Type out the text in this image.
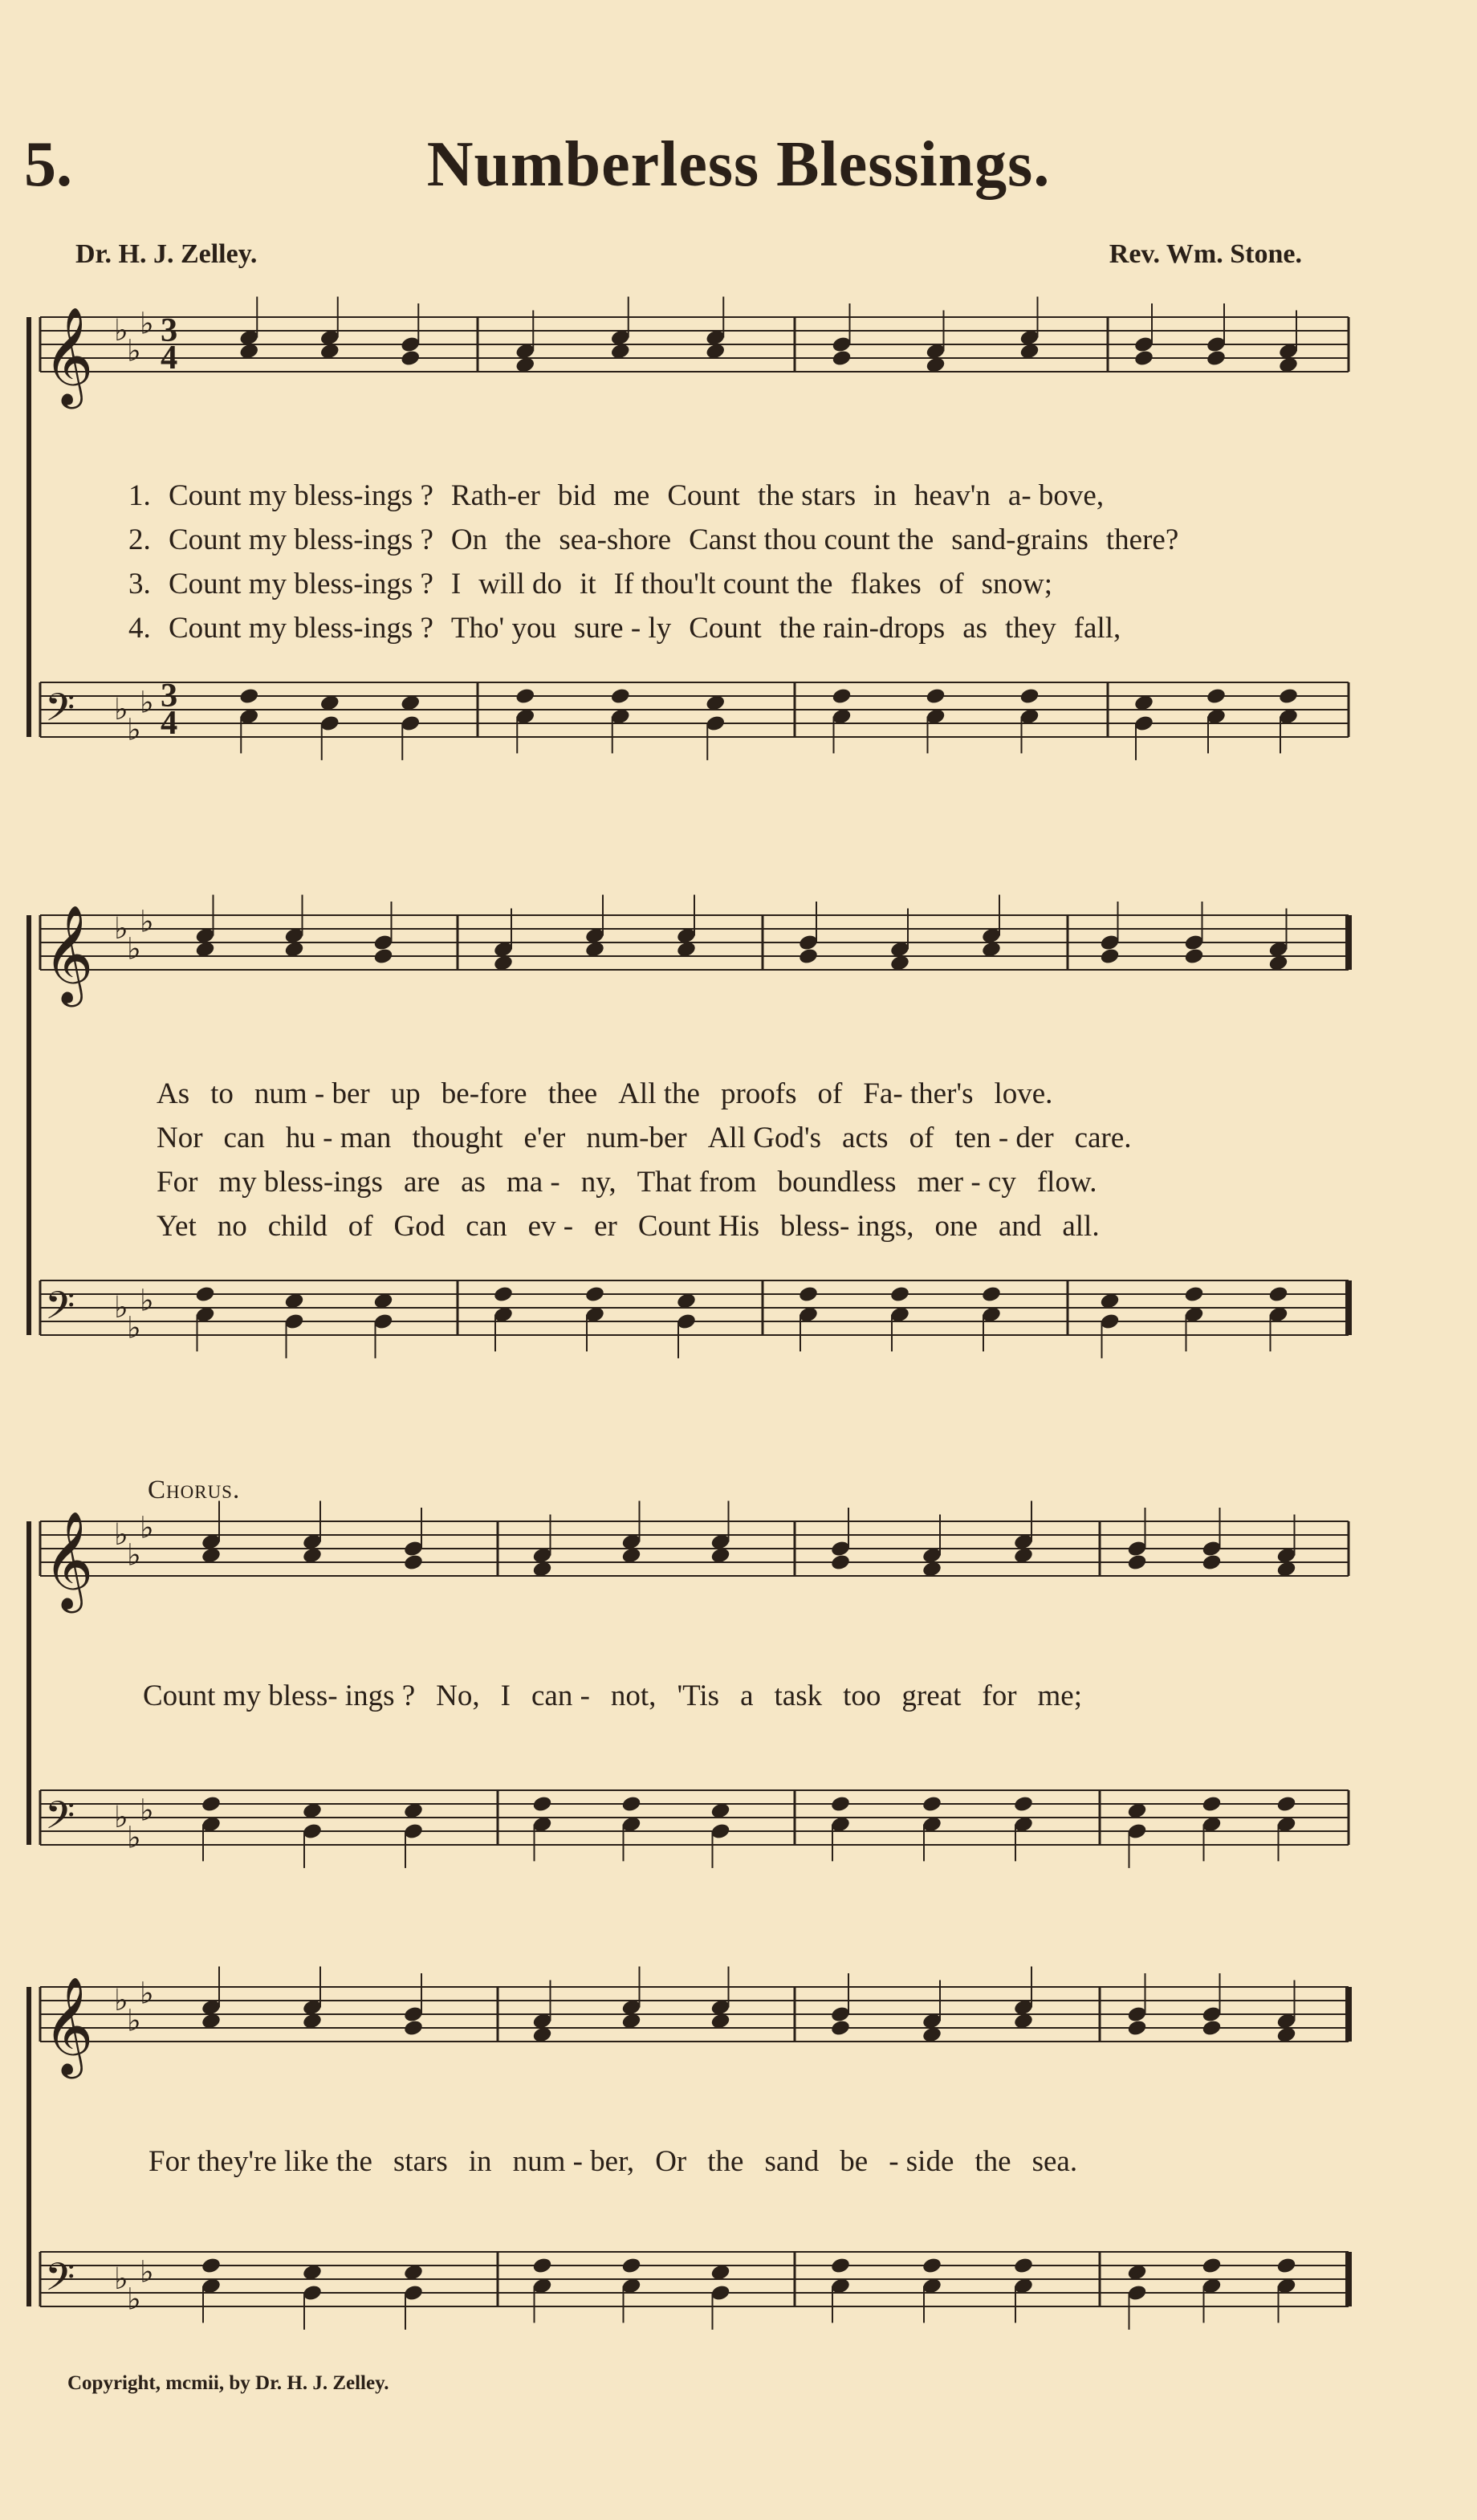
5.	Numberless Blessings.
Dr. H. J. Zelley.	Rev. Wm. Stone.
𝄞
𝄢
♭
♭
♭
♭
♭
♭
3
4
3
4
1. Count my bless-ings ? Rath-er bid me Count the stars in heav'n a- bove,
2. Count my bless-ings ? On the sea-shore Canst thou count the sand-grains there?
3. Count my bless-ings ? I will do it If thou'lt count the flakes of snow;
4. Count my bless-ings ? Tho' you sure - ly Count the rain-drops as they fall,
𝄞
𝄢
♭
♭
♭
♭
♭
♭
As to num - ber up be-fore thee All the proofs of Fa- ther's love.
Nor can hu - man thought e'er num-ber All God's acts of ten - der care.
For my bless-ings are as ma - ny, That from boundless mer - cy flow.
Yet no child of God can ev - er Count His bless- ings, one and all.
Chorus.
𝄞
𝄢
♭
♭
♭
♭
♭
♭
Count my bless- ings ? No, I can - not, 'Tis a task too great for me;
𝄞
𝄢
♭
♭
♭
♭
♭
♭
For they're like the stars in num - ber, Or the sand be - side the sea.
Copyright, mcmii, by Dr. H. J. Zelley.
